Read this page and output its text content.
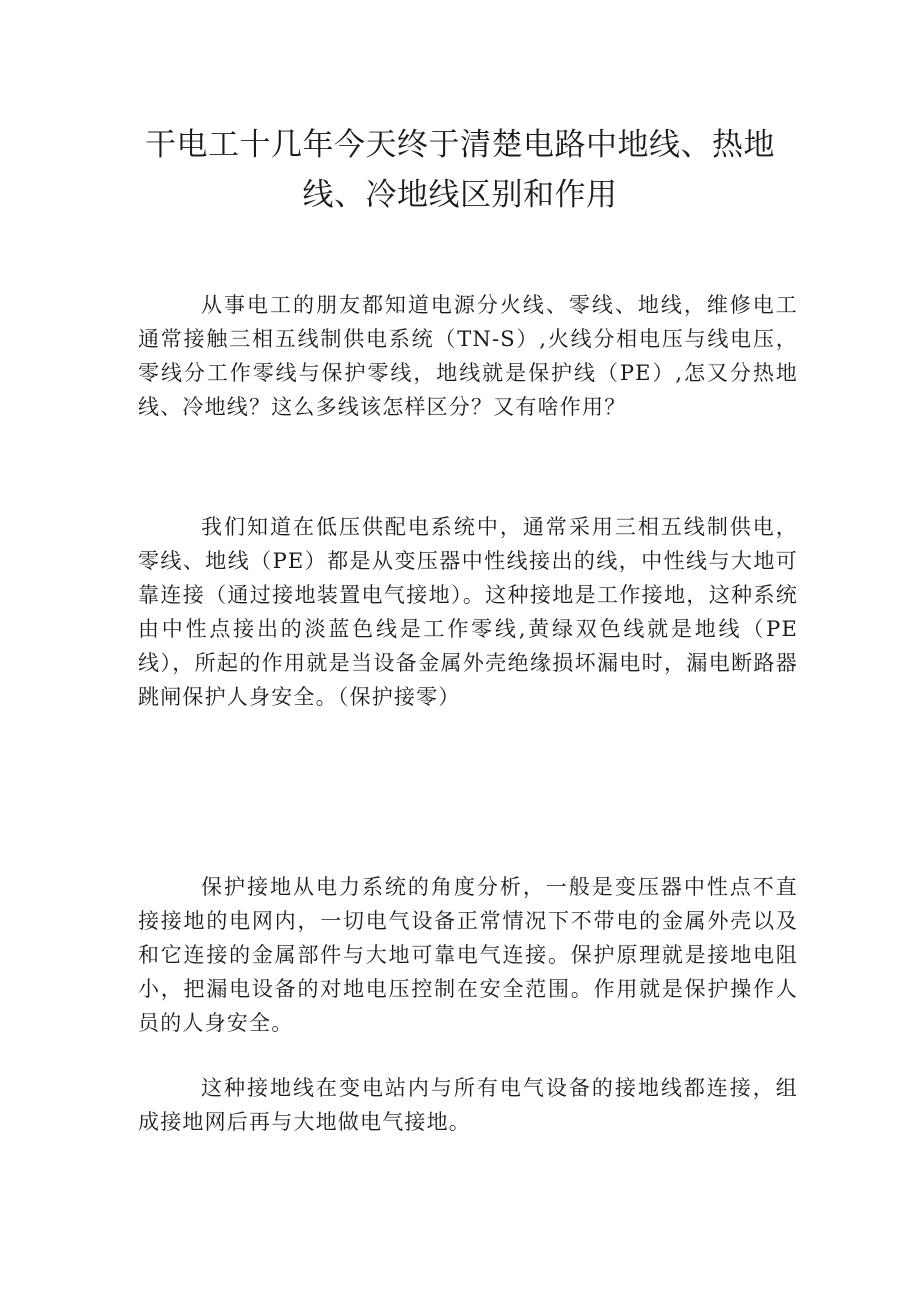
干电工十几年今天终于清楚电路中地线、热地线、冷地线区别和作用

从事电工的朋友都知道电源分火线、零线、地线，维修电工通常接触三相五线制供电系统（TN-S）,火线分相电压与线电压，零线分工作零线与保护零线，地线就是保护线（PE）,怎又分热地线、冷地线？这么多线该怎样区分？又有啥作用？

我们知道在低压供配电系统中，通常采用三相五线制供电，零线、地线（PE）都是从变压器中性线接出的线，中性线与大地可靠连接（通过接地装置电气接地）。这种接地是工作接地，这种系统由中性点接出的淡蓝色线是工作零线,黄绿双色线就是地线（PE线），所起的作用就是当设备金属外壳绝缘损坏漏电时，漏电断路器跳闸保护人身安全。（保护接零）

保护接地从电力系统的角度分析，一般是变压器中性点不直接接地的电网内，一切电气设备正常情况下不带电的金属外壳以及和它连接的金属部件与大地可靠电气连接。保护原理就是接地电阻小，把漏电设备的对地电压控制在安全范围。作用就是保护操作人员的人身安全。

这种接地线在变电站内与所有电气设备的接地线都连接，组成接地网后再与大地做电气接地。
